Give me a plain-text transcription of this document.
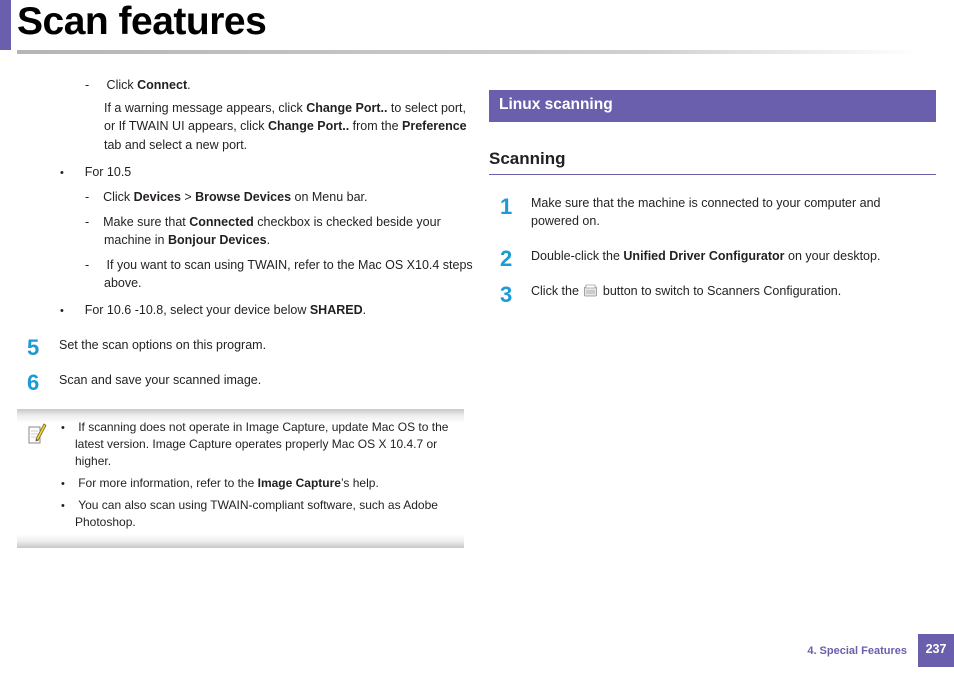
Scan features
- Click Connect.
If a warning message appears, click Change Port.. to select port,
or If TWAIN UI appears, click Change Port.. from the Preference
tab and select a new port.
• For 10.5
- Click Devices > Browse Devices on Menu bar.
- Make sure that Connected checkbox is checked beside your
machine in Bonjour Devices.
- If you want to scan using TWAIN, refer to the Mac OS X10.4 steps
above.
• For 10.6 -10.8, select your device below SHARED.
5 Set the scan options on this program.
6 Scan and save your scanned image.
• If scanning does not operate in Image Capture, update Mac OS to the
latest version. Image Capture operates properly Mac OS X 10.4.7 or
higher.
• For more information, refer to the Image Capture’s help.
• You can also scan using TWAIN-compliant software, such as Adobe
Photoshop.
Linux scanning
Scanning
1 Make sure that the machine is connected to your computer and
powered on.
2 Double-click the Unified Driver Configurator on your desktop.
3 Click the  button to switch to Scanners Configuration.
4. Special Features	237
